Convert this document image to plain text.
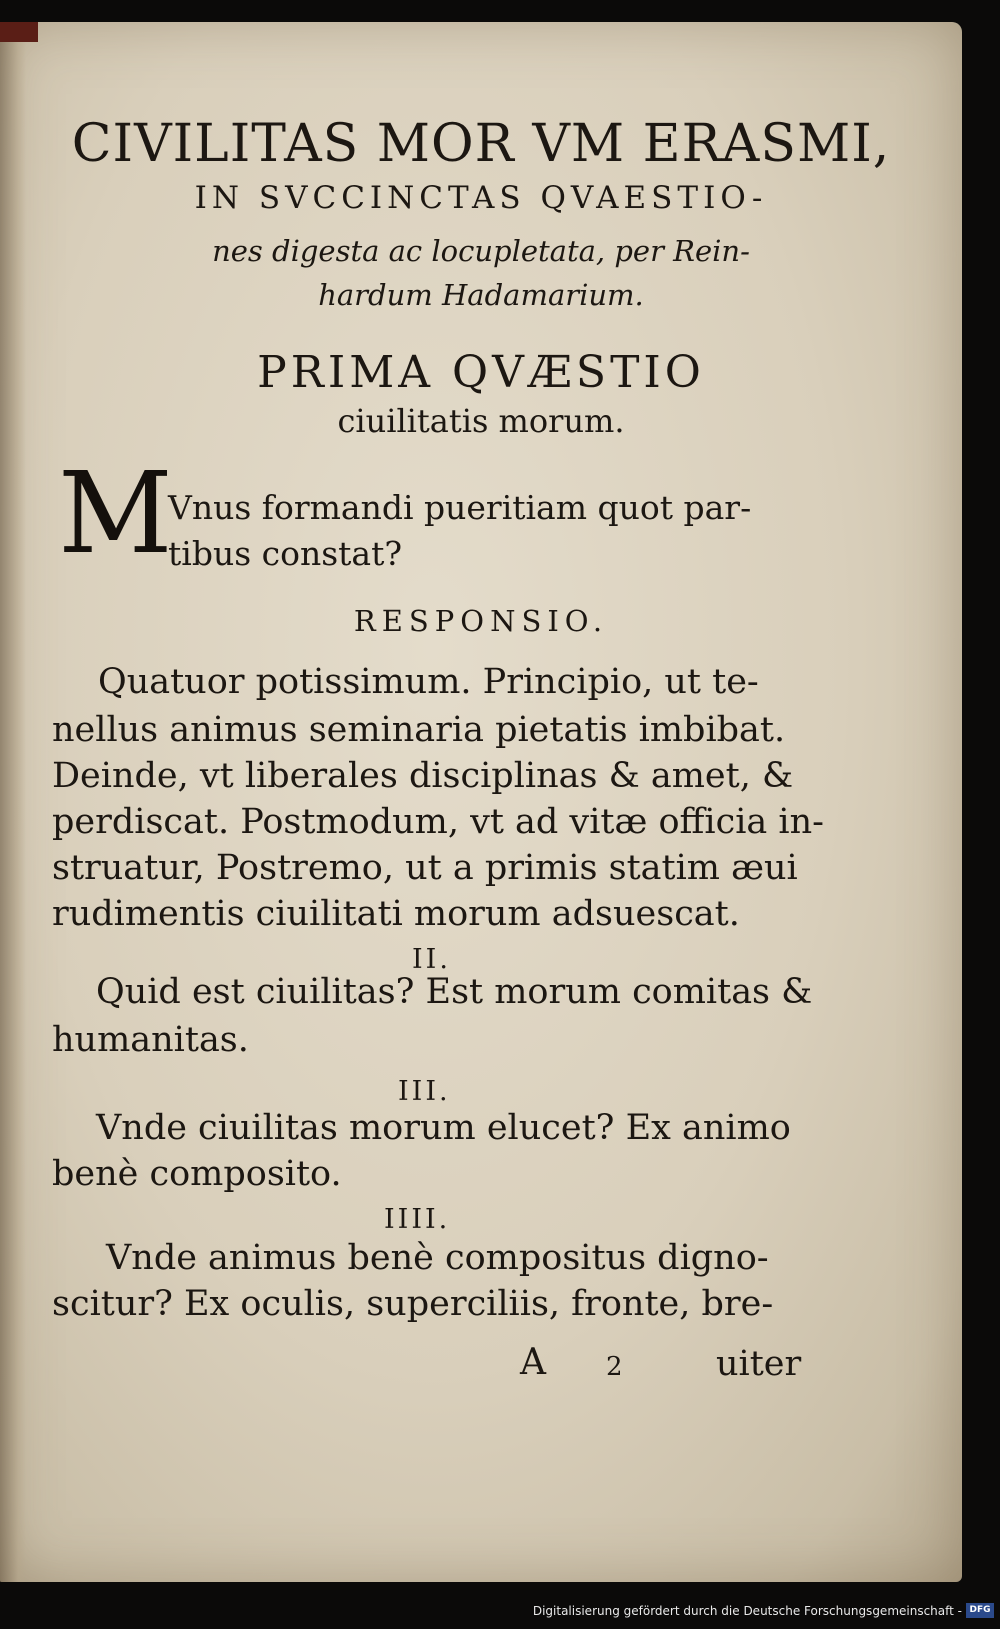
CIVILITAS MOR VM ERASMI,
IN SVCCINCTAS QVAESTIO-
nes digesta ac locupletata, per Rein-
hardum Hadamarium.
PRIMA QVÆSTIO
ciuilitatis morum.
M
Vnus formandi pueritiam quot par-
tibus constat?
RESPONSIO.
Quatuor potissimum. Principio, ut te-
nellus animus seminaria pietatis imbibat.
Deinde, vt liberales disciplinas & amet, &
perdiscat. Postmodum, vt ad vitæ officia in-
struatur, Postremo, ut a primis statim æui
rudimentis ciuilitati morum adsuescat.
II.
Quid est ciuilitas? Est morum comitas &
humanitas.
III.
Vnde ciuilitas morum elucet? Ex animo
benè composito.
IIII.
Vnde animus benè compositus digno-
scitur? Ex oculis, superciliis, fronte, bre-
A 2	uiter
Digitalisierung gefördert durch die Deutsche Forschungsgemeinschaft - DFG
